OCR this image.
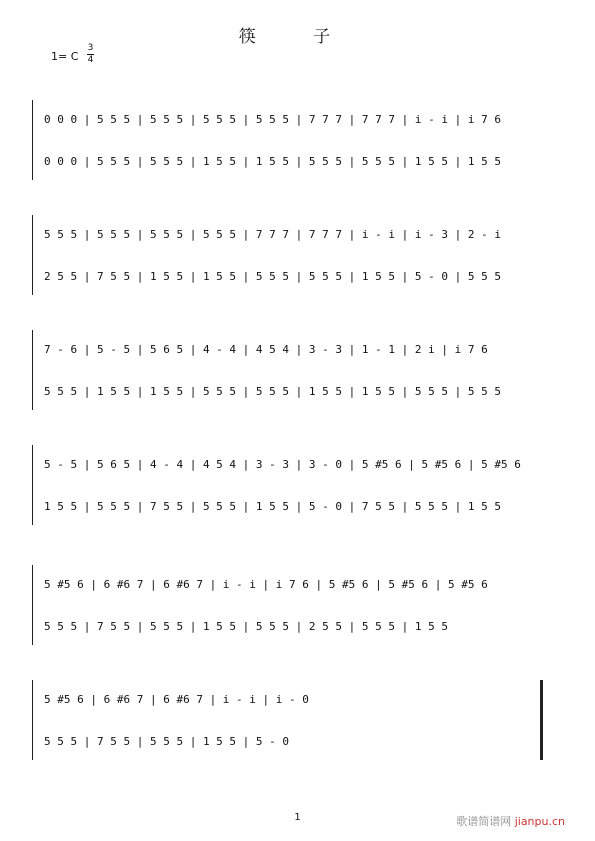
筷 子
1= C
3
4
0 0 0 | 5 5 5 | 5 5 5 | 5 5 5 | 5 5 5 | 7 7 7 | 7 7 7 | i - i | i 7 6
0 0 0 | 5 5 5 | 5 5 5 | 1 5 5 | 1 5 5 | 5 5 5 | 5 5 5 | 1 5 5 | 1 5 5
5 5 5 | 5 5 5 | 5 5 5 | 5 5 5 | 7 7 7 | 7 7 7 | i - i | i - 3 | 2 - i
2 5 5 | 7 5 5 | 1 5 5 | 1 5 5 | 5 5 5 | 5 5 5 | 1 5 5 | 5 - 0 | 5 5 5
7 - 6 | 5 - 5 | 5 6 5 | 4 - 4 | 4 5 4 | 3 - 3 | 1 - 1 | 2 i | i 7 6
5 5 5 | 1 5 5 | 1 5 5 | 5 5 5 | 5 5 5 | 1 5 5 | 1 5 5 | 5 5 5 | 5 5 5
5 - 5 | 5 6 5 | 4 - 4 | 4 5 4 | 3 - 3 | 3 - 0 | 5 #5 6 | 5 #5 6 | 5 #5 6
1 5 5 | 5 5 5 | 7 5 5 | 5 5 5 | 1 5 5 | 5 - 0 | 7 5 5 | 5 5 5 | 1 5 5
5 #5 6 | 6 #6 7 | 6 #6 7 | i - i | i 7 6 | 5 #5 6 | 5 #5 6 | 5 #5 6
5 5 5 | 7 5 5 | 5 5 5 | 1 5 5 | 5 5 5 | 2 5 5 | 5 5 5 | 1 5 5
5 #5 6 | 6 #6 7 | 6 #6 7 | i - i | i - 0
5 5 5 | 7 5 5 | 5 5 5 | 1 5 5 | 5 - 0
1	歌谱简谱网 jianpu.cn
